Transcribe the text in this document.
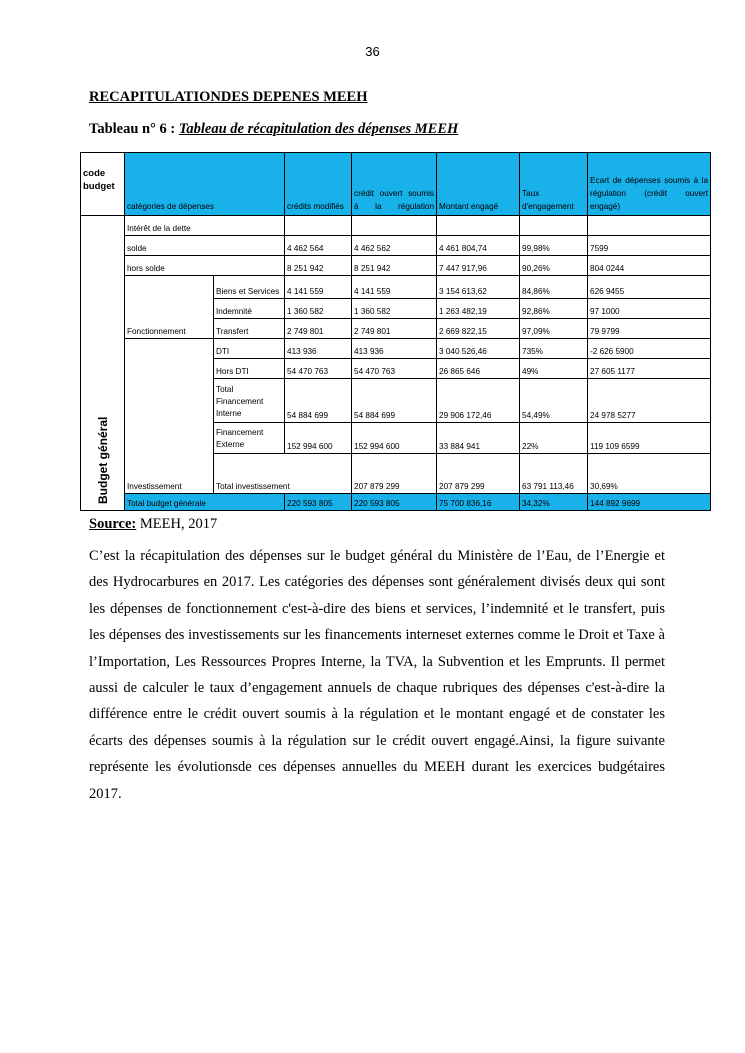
36
RECAPITULATIONDES DEPENES MEEH
Tableau n° 6 : Tableau de récapitulation des dépenses MEEH
code budget	catégories de dépenses		crédits modifiés	crédit ouvert soumis à la régulation	Montant engagé	Taux d'engagement	Ecart de dépenses soumis à la régulation (crédit ouvert engagé)	

Budget général	Intérêt de la dette							
	solde		4 462 564	4 462 562	4 461 804,74	99,98%	7599	
	hors solde		8 251 942	8 251 942	7 447 917,96	90,26%	804 0244	
	Fonctionnement	Biens et Services	4 141 559	4 141 559	3 154 613,62	84,86%	626 9455	
		Indemnité	1 360 582	1 360 582	1 263 482,19	92,86%	97 1000	
		Transfert	2 749 801	2 749 801	2 669 822,15	97,09%	79 9799	
	Investissement	DTI	413 936	413 936	3 040 526,46	735%	-2 626 5900	
		Hors DTI	54 470 763	54 470 763	26 865 646	49%	27 605 1177	
		Total Financement Interne	54 884 699	54 884 699	29 906 172,46	54,49%	24 978 5277	
		Financement Externe	152 994 600	152 994 600	33 884 941	22%	119 109 6599	
		Total investissement		207 879 299	207 879 299	63 791 113,46	30,69%	
	Total budget générale		220 593 805	220 593 805	75 700 836,16	34,32%	144 892 9699	
Source: MEEH, 2017

C’est la récapitulation des dépenses sur le budget général du Ministère de l’Eau, de l’Energie et des Hydrocarbures en 2017. Les catégories des dépenses sont généralement divisés deux qui sont les dépenses de fonctionnement c'est-à-dire des biens et services, l’indemnité et le transfert, puis les dépenses des investissements sur les financements interneset externes comme le Droit et Taxe à l’Importation, Les Ressources Propres Interne, la TVA, la Subvention et les Emprunts. Il permet aussi de calculer le taux d’engagement annuels de chaque rubriques des dépenses c'est-à-dire la différence entre le crédit ouvert soumis à la régulation et le montant engagé et de constater les écarts des dépenses soumis à la régulation sur le crédit ouvert engagé.Ainsi, la figure suivante représente les évolutionsde ces dépenses annuelles du MEEH durant les exercices budgétaires 2017.
